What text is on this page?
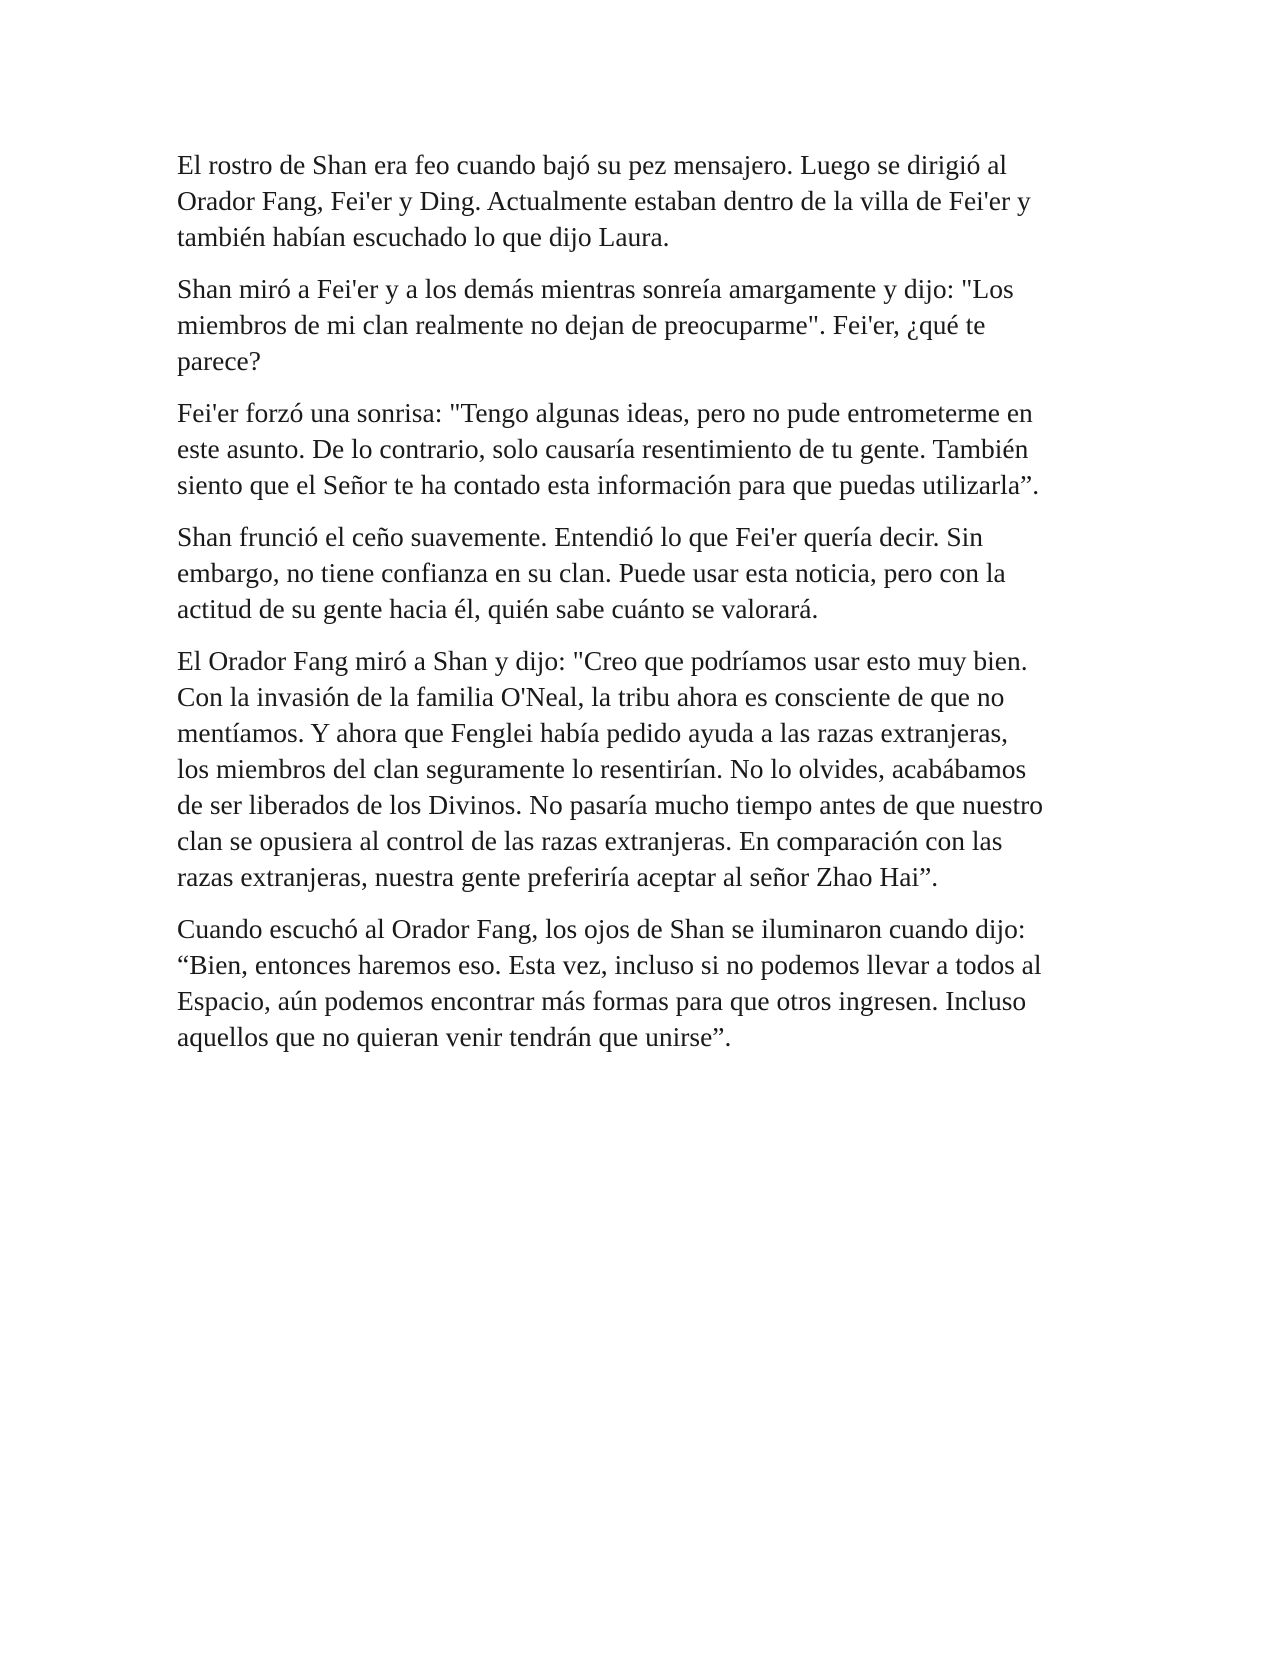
El rostro de Shan era feo cuando bajó su pez mensajero. Luego se dirigió al
Orador Fang, Fei'er y Ding. Actualmente estaban dentro de la villa de Fei'er y
también habían escuchado lo que dijo Laura.

Shan miró a Fei'er y a los demás mientras sonreía amargamente y dijo: "Los
miembros de mi clan realmente no dejan de preocuparme". Fei'er, ¿qué te
parece?

Fei'er forzó una sonrisa: "Tengo algunas ideas, pero no pude entrometerme en
este asunto. De lo contrario, solo causaría resentimiento de tu gente. También
siento que el Señor te ha contado esta información para que puedas utilizarla”.

Shan frunció el ceño suavemente. Entendió lo que Fei'er quería decir. Sin
embargo, no tiene confianza en su clan. Puede usar esta noticia, pero con la
actitud de su gente hacia él, quién sabe cuánto se valorará.

El Orador Fang miró a Shan y dijo: "Creo que podríamos usar esto muy bien.
Con la invasión de la familia O'Neal, la tribu ahora es consciente de que no
mentíamos. Y ahora que Fenglei había pedido ayuda a las razas extranjeras,
los miembros del clan seguramente lo resentirían. No lo olvides, acabábamos
de ser liberados de los Divinos. No pasaría mucho tiempo antes de que nuestro
clan se opusiera al control de las razas extranjeras. En comparación con las
razas extranjeras, nuestra gente preferiría aceptar al señor Zhao Hai”.

Cuando escuchó al Orador Fang, los ojos de Shan se iluminaron cuando dijo:
“Bien, entonces haremos eso. Esta vez, incluso si no podemos llevar a todos al
Espacio, aún podemos encontrar más formas para que otros ingresen. Incluso
aquellos que no quieran venir tendrán que unirse”.
